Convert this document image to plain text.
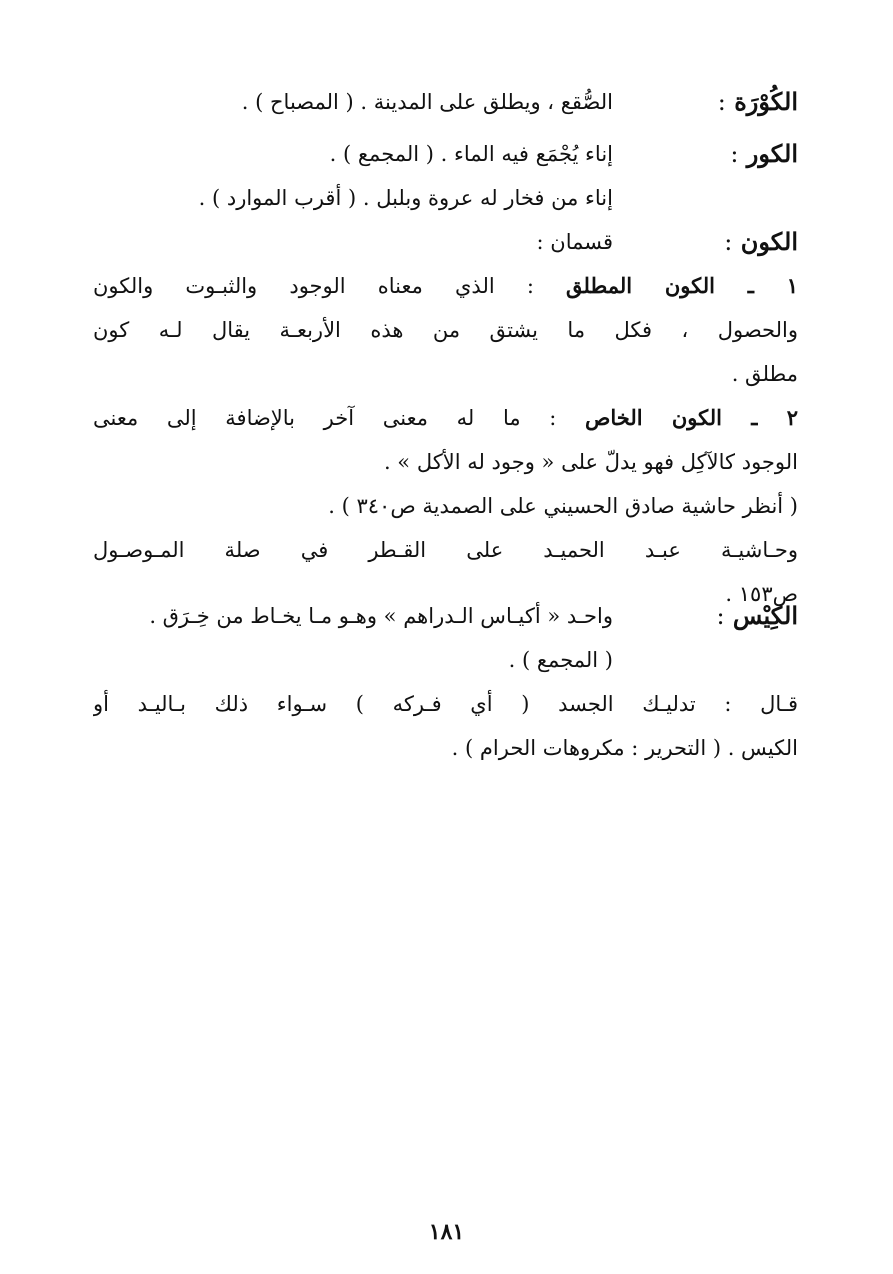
الكُوْرَة :
الصُّقع ، ويطلق على المدينة . ( المصباح ) .
الكور :
إناء يُجْمَع فيه الماء . ( المجمع ) .
إناء من فخار له عروة وبلبل . ( أقرب الموارد ) .
الكون :
قسمان :
١ ـ الكون المطلق : الذي معناه الوجود والثبـوت والكون
والحصول ، فكل ما يشتق من هذه الأربعـة يقال لـه كون
مطلق .
٢ ـ الكون الخاص : ما له معنى آخر بالإضافة إلى معنى
الوجود كالآكِل فهو يدلّ على « وجود له الأكل » .
( أنظر حاشية صادق الحسيني على الصمدية ص٣٤٠ ) .
وحـاشيـة عبـد الحميـد على القـطر في صلة المـوصـول
ص١٥٣ .
الكِيْس :
واحـد « أكيـاس الـدراهم » وهـو مـا يخـاط من خِـرَق .
( المجمع ) .
قـال : تدليـك الجسد ( أي فـركه ) سـواء ذلك بـاليـد أو
الكيس . ( التحرير : مكروهات الحرام ) .
١٨١
